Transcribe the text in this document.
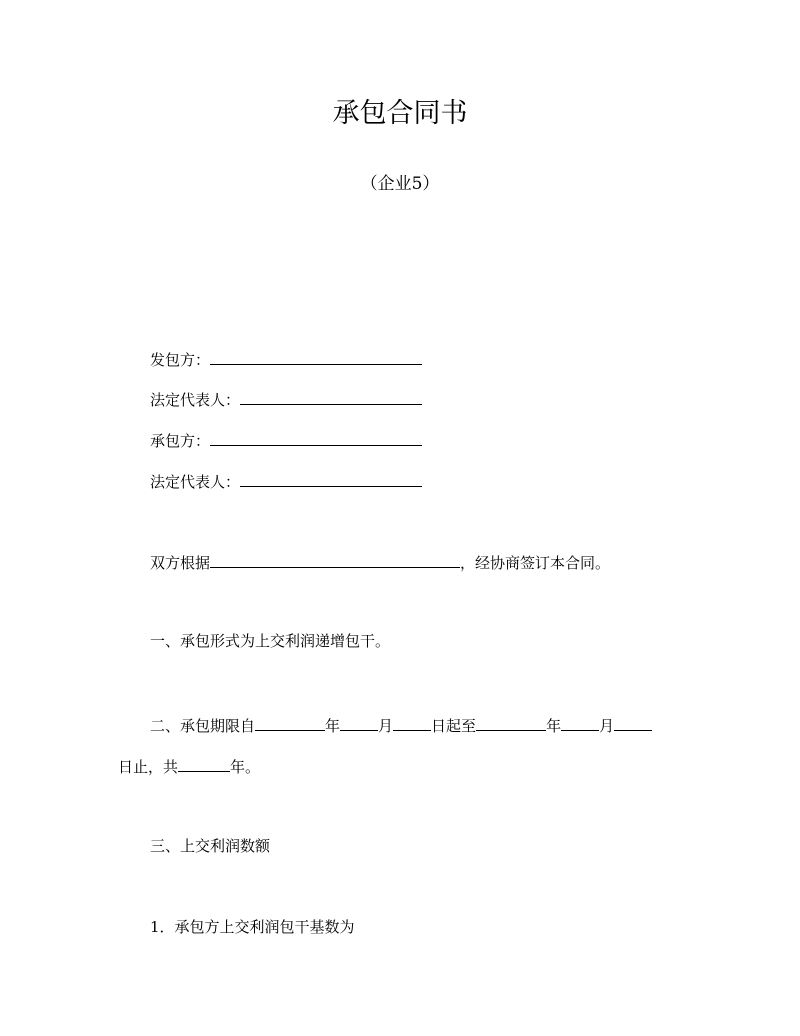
承包合同书
（企业5）
发包方：
法定代表人：
承包方：
法定代表人：
双方根据	，经协商签订本合同。
一、承包形式为上交利润递增包干。
二、承包期限自	年	月	日起至	年	月
日止，共	年。
三、上交利润数额
1．承包方上交利润包干基数为
